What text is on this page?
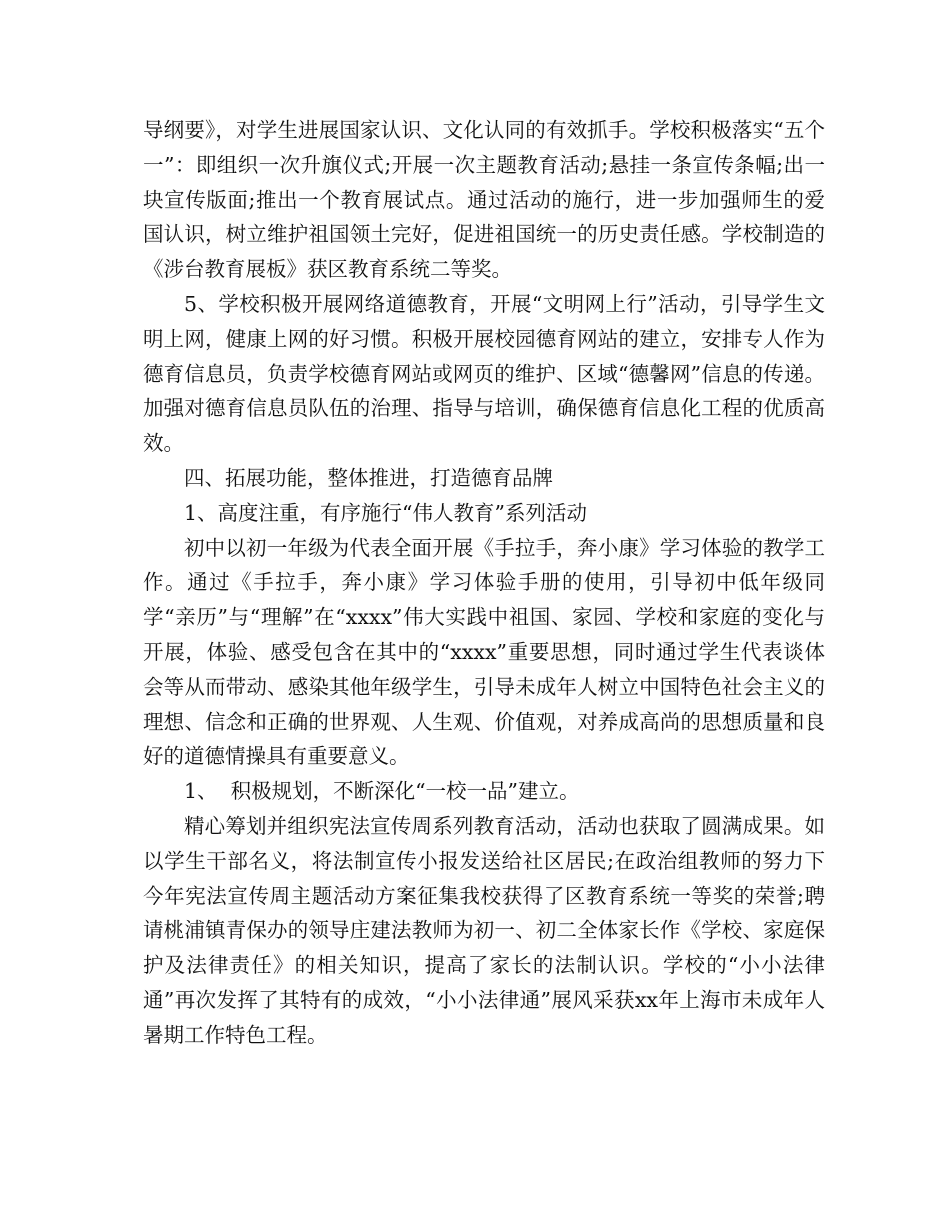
导纲要》，对学生进展国家认识、文化认同的有效抓手。学校积极落实“五个一”：即组织一次升旗仪式;开展一次主题教育活动;悬挂一条宣传条幅;出一块宣传版面;推出一个教育展试点。通过活动的施行，进一步加强师生的爱国认识，树立维护祖国领土完好，促进祖国统一的历史责任感。学校制造的《涉台教育展板》获区教育系统二等奖。

5、学校积极开展网络道德教育，开展“文明网上行”活动，引导学生文明上网，健康上网的好习惯。积极开展校园德育网站的建立，安排专人作为德育信息员，负责学校德育网站或网页的维护、区域“德馨网”信息的传递。加强对德育信息员队伍的治理、指导与培训，确保德育信息化工程的优质高效。

四、拓展功能，整体推进，打造德育品牌

1、高度注重，有序施行“伟人教育”系列活动

初中以初一年级为代表全面开展《手拉手，奔小康》学习体验的教学工作。通过《手拉手，奔小康》学习体验手册的使用，引导初中低年级同学“亲历”与“理解”在“xxxx”伟大实践中祖国、家园、学校和家庭的变化与开展，体验、感受包含在其中的“xxxx”重要思想，同时通过学生代表谈体会等从而带动、感染其他年级学生，引导未成年人树立中国特色社会主义的理想、信念和正确的世界观、人生观、价值观，对养成高尚的思想质量和良好的道德情操具有重要意义。

1、  积极规划，不断深化“一校一品”建立。

精心筹划并组织宪法宣传周系列教育活动，活动也获取了圆满成果。如以学生干部名义，将法制宣传小报发送给社区居民;在政治组教师的努力下今年宪法宣传周主题活动方案征集我校获得了区教育系统一等奖的荣誉;聘请桃浦镇青保办的领导庄建法教师为初一、初二全体家长作《学校、家庭保护及法律责任》的相关知识，提高了家长的法制认识。学校的“小小法律通”再次发挥了其特有的成效，“小小法律通”展风采获xx年上海市未成年人暑期工作特色工程。
